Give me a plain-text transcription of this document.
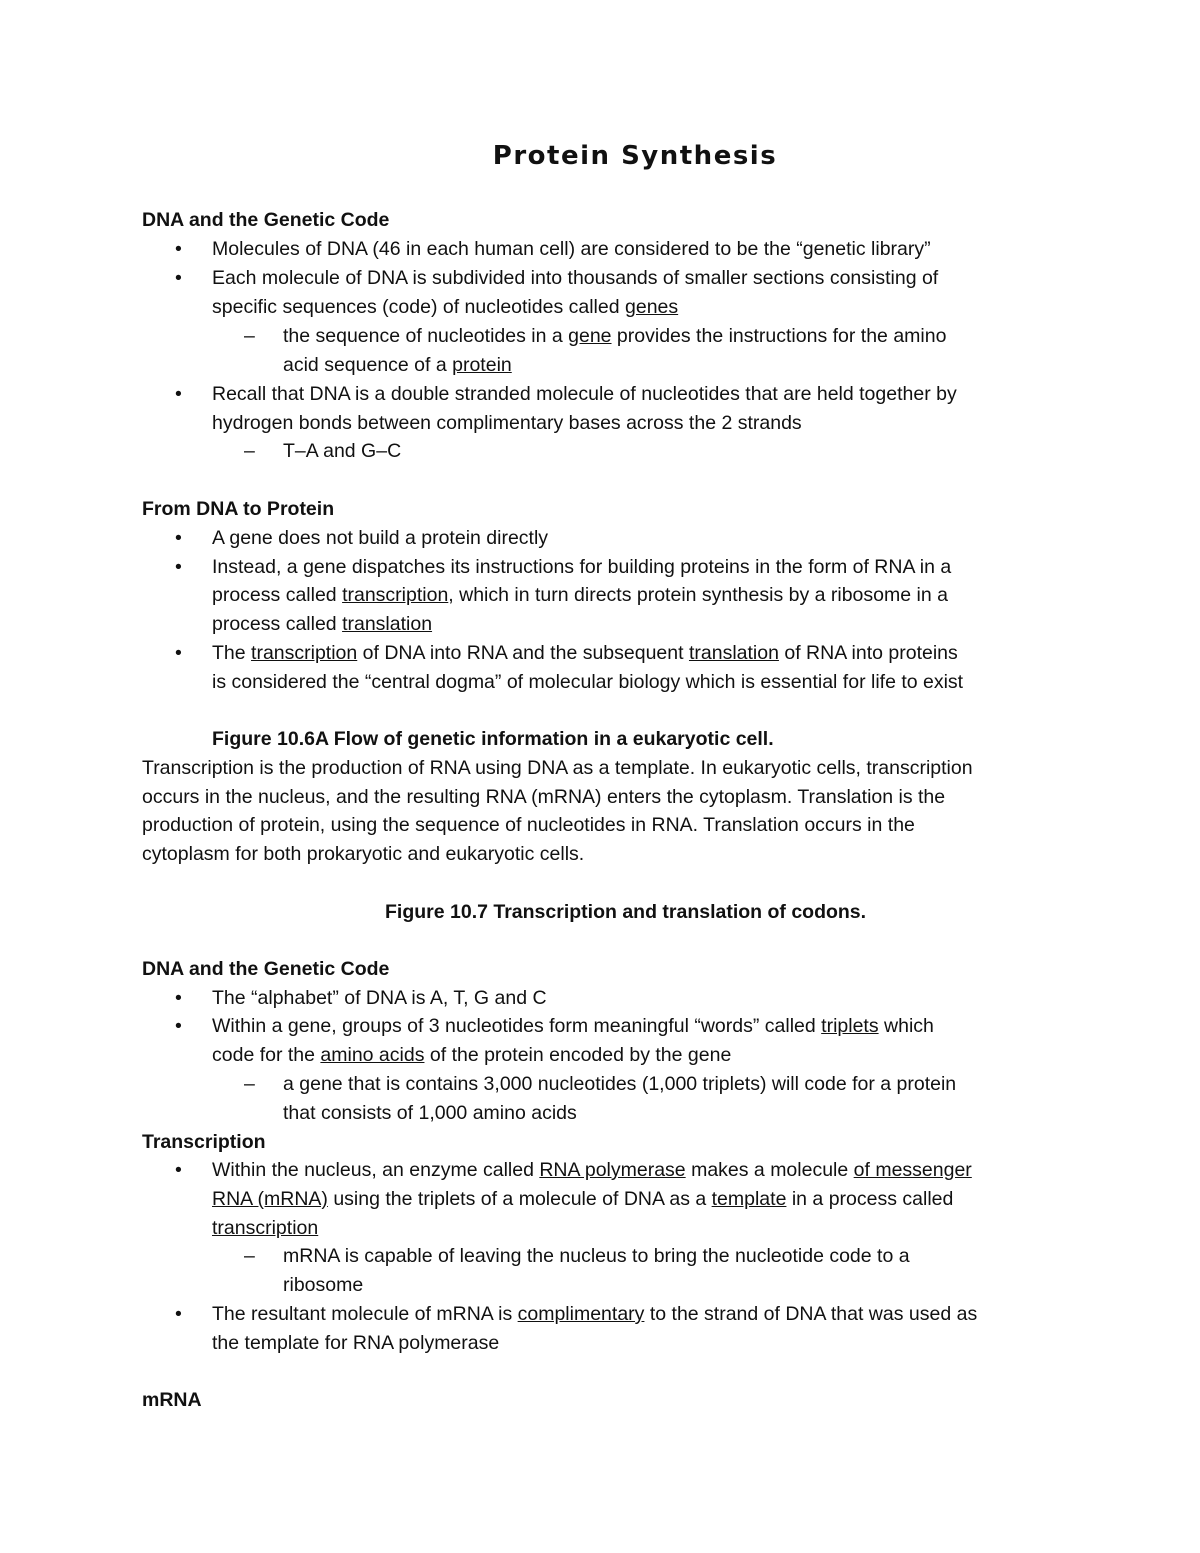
Protein Synthesis
DNA and the Genetic Code
• Molecules of DNA (46 in each human cell) are considered to be the “genetic library”
• Each molecule of DNA is subdivided into thousands of smaller sections consisting of
specific sequences (code) of nucleotides called genes
– the sequence of nucleotides in a gene provides the instructions for the amino
acid sequence of a protein
• Recall that DNA is a double stranded molecule of nucleotides that are held together by
hydrogen bonds between complimentary bases across the 2 strands
– T–A and G–C
From DNA to Protein
• A gene does not build a protein directly
• Instead, a gene dispatches its instructions for building proteins in the form of RNA in a
process called transcription, which in turn directs protein synthesis by a ribosome in a
process called translation
• The transcription of DNA into RNA and the subsequent translation of RNA into proteins
is considered the “central dogma” of molecular biology which is essential for life to exist
Figure 10.6A Flow of genetic information in a eukaryotic cell.
Transcription is the production of RNA using DNA as a template. In eukaryotic cells, transcription
occurs in the nucleus, and the resulting RNA (mRNA) enters the cytoplasm. Translation is the
production of protein, using the sequence of nucleotides in RNA. Translation occurs in the
cytoplasm for both prokaryotic and eukaryotic cells.
Figure 10.7 Transcription and translation of codons.
DNA and the Genetic Code
• The “alphabet” of DNA is A, T, G and C
• Within a gene, groups of 3 nucleotides form meaningful “words” called triplets which
code for the amino acids of the protein encoded by the gene
– a gene that is contains 3,000 nucleotides (1,000 triplets) will code for a protein
that consists of 1,000 amino acids
Transcription
• Within the nucleus, an enzyme called RNA polymerase makes a molecule of messenger
RNA (mRNA) using the triplets of a molecule of DNA as a template in a process called
transcription
– mRNA is capable of leaving the nucleus to bring the nucleotide code to a
ribosome
• The resultant molecule of mRNA is complimentary to the strand of DNA that was used as
the template for RNA polymerase
mRNA
